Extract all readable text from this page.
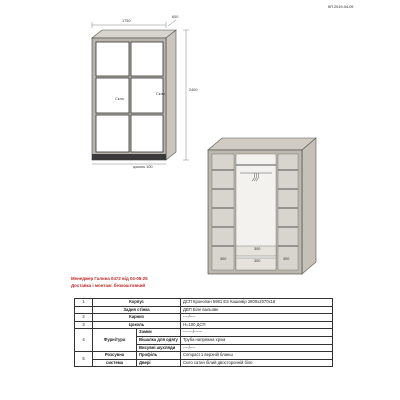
КП 2019-04-09
1750
600
2400
Скло
Скло
цоколь 100
300
300	300
300
Менеджер Галина 0472 від 04-05-25
Доставка і монтаж: безкоштовний
1	Корпус		ДСП Кронопан 5981 ES Кашемір 2800х2070х18
	Задня стінка		ДВП Біле вальове
2	Карниз		----/----
3	Цоколь		Н=100 ДСП
4	Фурнітура	Замки	-------/------
		Вішалка для одягу	Труба напряжна хром
		Висувні шухляди	----/----
5	Розсувна	Профіль	Compact 1 верхній бланш
	система	Двері	Скло сатин білий двосторонній біле
